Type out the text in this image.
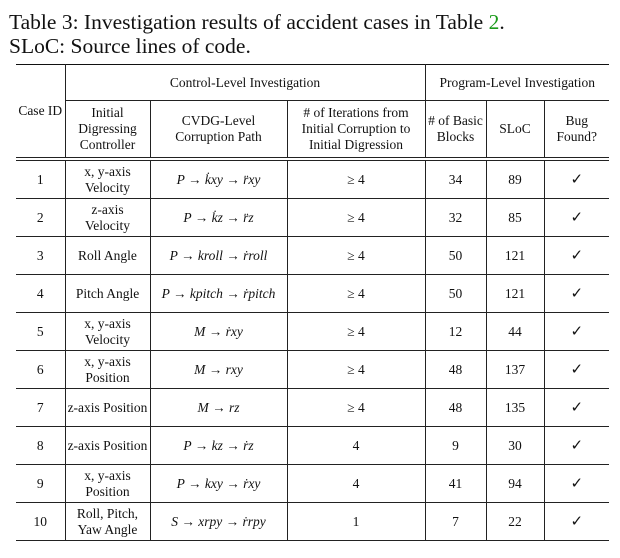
Table 3: Investigation results of accident cases in Table 2.
SLoC: Source lines of code.
Case ID	Control-Level Investigation			Program-Level Investigation		
	Initial Digressing Controller	CVDG-Level Corruption Path	# of Iterations from Initial Corruption to Initial Digression	# of Basic Blocks	SLoC	Bug Found?

1	x, y-axis Velocity	P → k̇xy → r̈xy	≥ 4	34	89	✓
2	z-axis Velocity	P → k̇z → r̈z	≥ 4	32	85	✓
3	Roll Angle	P → kroll → ṙroll	≥ 4	50	121	✓
4	Pitch Angle	P → kpitch → ṙpitch	≥ 4	50	121	✓
5	x, y-axis Velocity	M → ṙxy	≥ 4	12	44	✓
6	x, y-axis Position	M → rxy	≥ 4	48	137	✓
7	z-axis Position	M → rz	≥ 4	48	135	✓
8	z-axis Position	P → kz → ṙz	4	9	30	✓
9	x, y-axis Position	P → kxy → ṙxy	4	41	94	✓
10	Roll, Pitch, Yaw Angle	S → xrpy → ṙrpy	1	7	22	✓
